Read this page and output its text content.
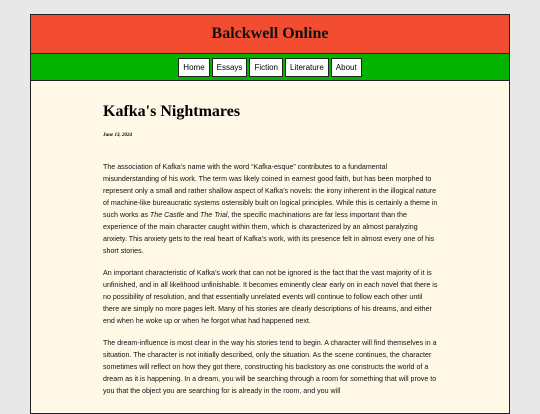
Balckwell Online
Home	Essays	Fiction	Literature	About
Kafka's Nightmares
June 13, 2024

The association of Kafka’s name with the word “Kafka-esque” contributes to a fundamental misunderstanding of his work. The term was likely coined in earnest good faith, but has been morphed to represent only a small and rather shallow aspect of Kafka’s novels: the irony inherent in the illogical nature of machine-like bureaucratic systems ostensibly built on logical principles. While this is certainly a theme in such works as The Castle and The Trial, the specific machinations are far less important than the experience of the main character caught within them, which is characterized by an almost paralyzing anxiety. This anxiety gets to the real heart of Kafka’s work, with its presence felt in almost every one of his short stories.

An important characteristic of Kafka’s work that can not be ignored is the fact that the vast majority of it is unfinished, and in all likelihood unfinishable. It becomes eminently clear early on in each novel that there is no possibility of resolution, and that essentially unrelated events will continue to follow each other until there are simply no more pages left. Many of his stories are clearly descriptions of his dreams, and either end when he woke up or when he forgot what had happened next.

The dream-influence is most clear in the way his stories tend to begin. A character will find themselves in a situation. The character is not initially described, only the situation. As the scene continues, the character sometimes will reflect on how they got there, constructing his backstory as one constructs the world of a dream as it is happening. In a dream, you will be searching through a room for something that will prove to you that the object you are searching for is already in the room, and you will
